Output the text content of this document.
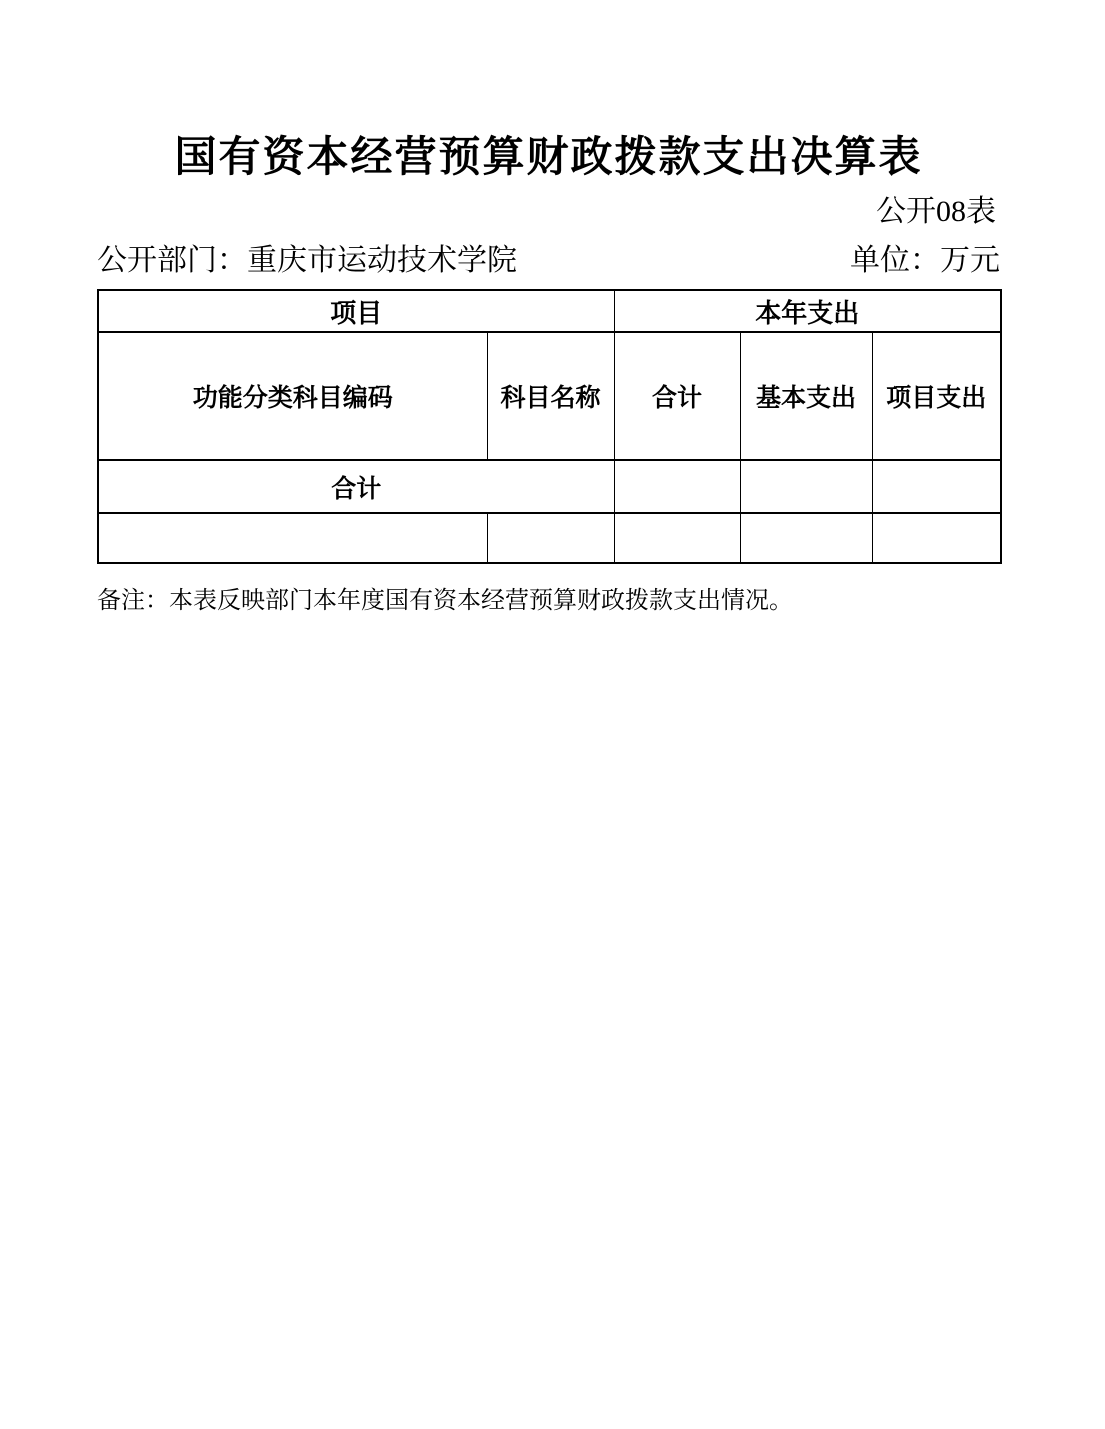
国有资本经营预算财政拨款支出决算表
公开08表
公开部门：重庆市运动技术学院	单位：万元
项目		本年支出		
功能分类科目编码	科目名称	合计	基本支出	项目支出
合计				

备注：本表反映部门本年度国有资本经营预算财政拨款支出情况。
